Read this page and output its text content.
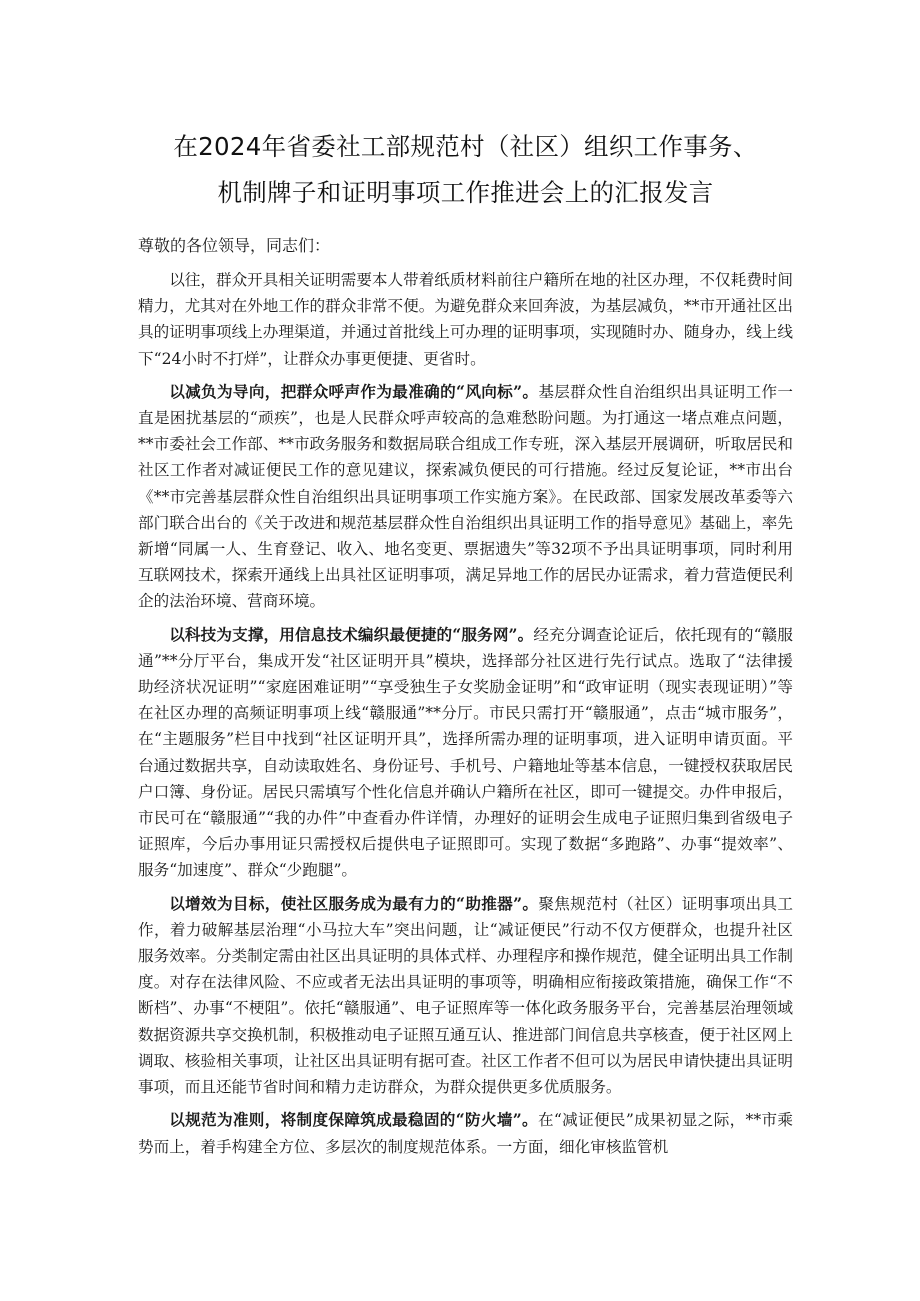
在2024年省委社工部规范村（社区）组织工作事务、
机制牌子和证明事项工作推进会上的汇报发言

尊敬的各位领导，同志们：

以往，群众开具相关证明需要本人带着纸质材料前往户籍所在地的社区办理，不仅耗费时间精力，尤其对在外地工作的群众非常不便。为避免群众来回奔波，为基层减负，**市开通社区出具的证明事项线上办理渠道，并通过首批线上可办理的证明事项，实现随时办、随身办，线上线下“24小时不打烊”，让群众办事更便捷、更省时。

以减负为导向，把群众呼声作为最准确的“风向标”。基层群众性自治组织出具证明工作一直是困扰基层的“顽疾”，也是人民群众呼声较高的急难愁盼问题。为打通这一堵点难点问题，**市委社会工作部、**市政务服务和数据局联合组成工作专班，深入基层开展调研，听取居民和社区工作者对减证便民工作的意见建议，探索减负便民的可行措施。经过反复论证，**市出台《**市完善基层群众性自治组织出具证明事项工作实施方案》。在民政部、国家发展改革委等六部门联合出台的《关于改进和规范基层群众性自治组织出具证明工作的指导意见》基础上，率先新增“同属一人、生育登记、收入、地名变更、票据遗失”等32项不予出具证明事项，同时利用互联网技术，探索开通线上出具社区证明事项，满足异地工作的居民办证需求，着力营造便民利企的法治环境、营商环境。

以科技为支撑，用信息技术编织最便捷的“服务网”。经充分调查论证后，依托现有的“赣服通”**分厅平台，集成开发“社区证明开具”模块，选择部分社区进行先行试点。选取了“法律援助经济状况证明”“家庭困难证明”“享受独生子女奖励金证明”和“政审证明（现实表现证明）”等在社区办理的高频证明事项上线“赣服通”**分厅。市民只需打开“赣服通”，点击“城市服务”，在“主题服务”栏目中找到“社区证明开具”，选择所需办理的证明事项，进入证明申请页面。平台通过数据共享，自动读取姓名、身份证号、手机号、户籍地址等基本信息，一键授权获取居民户口簿、身份证。居民只需填写个性化信息并确认户籍所在社区，即可一键提交。办件申报后，市民可在“赣服通”“我的办件”中查看办件详情，办理好的证明会生成电子证照归集到省级电子证照库，今后办事用证只需授权后提供电子证照即可。实现了数据“多跑路”、办事“提效率”、服务“加速度”、群众“少跑腿”。

以增效为目标，使社区服务成为最有力的“助推器”。聚焦规范村（社区）证明事项出具工作，着力破解基层治理“小马拉大车”突出问题，让“减证便民”行动不仅方便群众，也提升社区服务效率。分类制定需由社区出具证明的具体式样、办理程序和操作规范，健全证明出具工作制度。对存在法律风险、不应或者无法出具证明的事项等，明确相应衔接政策措施，确保工作“不断档”、办事“不梗阻”。依托“赣服通”、电子证照库等一体化政务服务平台，完善基层治理领域数据资源共享交换机制，积极推动电子证照互通互认、推进部门间信息共享核查，便于社区网上调取、核验相关事项，让社区出具证明有据可查。社区工作者不但可以为居民申请快捷出具证明事项，而且还能节省时间和精力走访群众，为群众提供更多优质服务。

以规范为准则，将制度保障筑成最稳固的“防火墙”。在“减证便民”成果初显之际，**市乘势而上，着手构建全方位、多层次的制度规范体系。一方面，细化审核监管机
